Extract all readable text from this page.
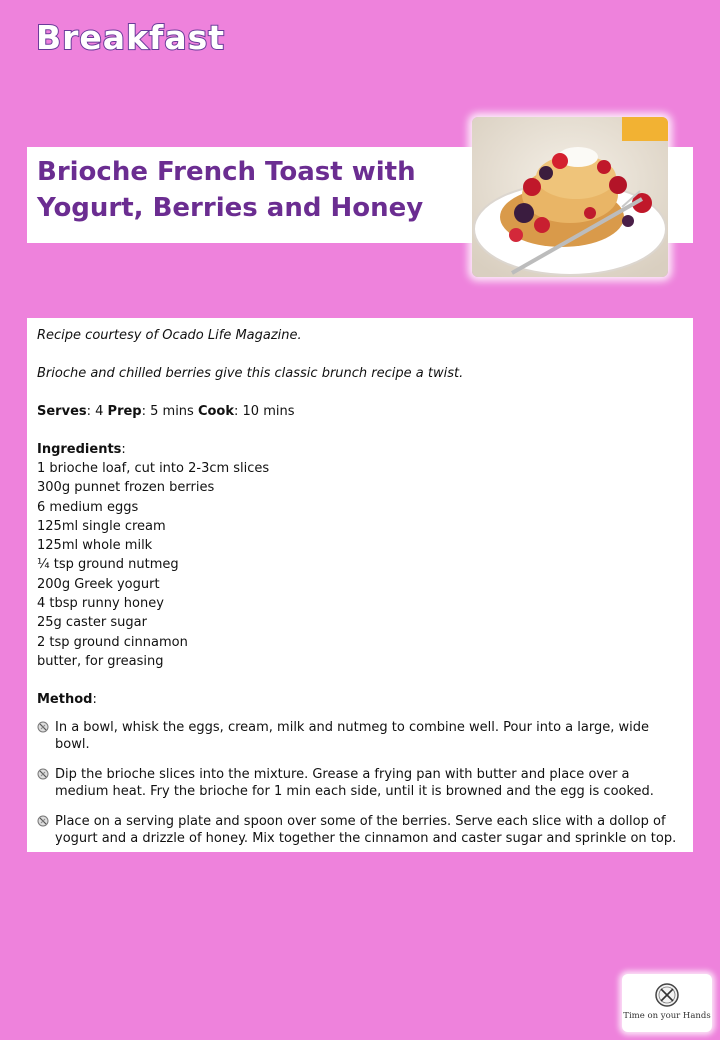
Breakfast
Brioche French Toast with
Yogurt, Berries and Honey

Recipe courtesy of Ocado Life Magazine.

Brioche and chilled berries give this classic brunch recipe a twist.

Serves: 4 Prep: 5 mins Cook: 10 mins

Ingredients:

1 brioche loaf, cut into 2-3cm slices
300g punnet frozen berries
6 medium eggs
125ml single cream
125ml whole milk
¼ tsp ground nutmeg
200g Greek yogurt
4 tbsp runny honey
25g caster sugar
2 tsp ground cinnamon
butter, for greasing

Method:

In a bowl, whisk the eggs, cream, milk and nutmeg to combine well. Pour into a large, wide bowl.
Dip the brioche slices into the mixture. Grease a frying pan with butter and place over a medium heat. Fry the brioche for 1 min each side, until it is browned and the egg is cooked.
Place on a serving plate and spoon over some of the berries. Serve each slice with a dollop of yogurt and a drizzle of honey. Mix together the cinnamon and caster sugar and sprinkle on top.
Time on your Hands
